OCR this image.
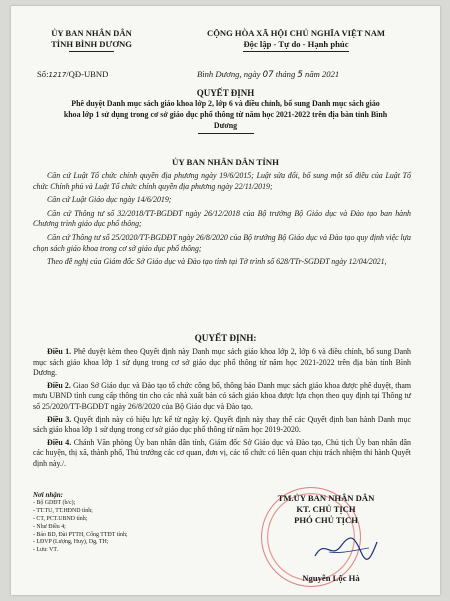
ỦY BAN NHÂN DÂN
TỈNH BÌNH DƯƠNG
Số:1217/QĐ-UBND
CỘNG HÒA XÃ HỘI CHỦ NGHĨA VIỆT NAM
Độc lập - Tự do - Hạnh phúc
Bình Dương, ngày 07 tháng 5 năm 2021
QUYẾT ĐỊNH
Phê duyệt Danh mục sách giáo khoa lớp 2, lớp 6 và điều chỉnh, bổ sung Danh mục sách giáo khoa lớp 1 sử dụng trong cơ sở giáo dục phổ thông từ năm học 2021-2022 trên địa bàn tỉnh Bình Dương
ỦY BAN NHÂN DÂN TỈNH

Căn cứ Luật Tổ chức chính quyền địa phương ngày 19/6/2015; Luật sửa đổi, bổ sung một số điều của Luật Tổ chức Chính phủ và Luật Tổ chức chính quyền địa phương ngày 22/11/2019;

Căn cứ Luật Giáo dục ngày 14/6/2019;

Căn cứ Thông tư số 32/2018/TT-BGDĐT ngày 26/12/2018 của Bộ trưởng Bộ Giáo dục và Đào tạo ban hành Chương trình giáo dục phổ thông;

Căn cứ Thông tư số 25/2020/TT-BGDĐT ngày 26/8/2020 của Bộ trưởng Bộ Giáo dục và Đào tạo quy định việc lựa chọn sách giáo khoa trong cơ sở giáo dục phổ thông;

Theo đề nghị của Giám đốc Sở Giáo dục và Đào tạo tỉnh tại Tờ trình số 628/TTr-SGDĐT ngày 12/04/2021,

QUYẾT ĐỊNH:

Điều 1. Phê duyệt kèm theo Quyết định này Danh mục sách giáo khoa lớp 2, lớp 6 và điều chỉnh, bổ sung Danh mục sách giáo khoa lớp 1 sử dụng trong cơ sở giáo dục phổ thông từ năm học 2021-2022 trên địa bàn tỉnh Bình Dương.

Điều 2. Giao Sở Giáo dục và Đào tạo tổ chức công bố, thông báo Danh mục sách giáo khoa được phê duyệt, tham mưu UBND tỉnh cung cấp thông tin cho các nhà xuất bản có sách giáo khoa được lựa chọn theo quy định tại Thông tư số 25/2020/TT-BGDĐT ngày 26/8/2020 của Bộ Giáo dục và Đào tạo.

Điều 3. Quyết định này có hiệu lực kể từ ngày ký. Quyết định này thay thế các Quyết định ban hành Danh mục sách giáo khoa lớp 1 sử dụng trong cơ sở giáo dục phổ thông từ năm học 2019-2020.

Điều 4. Chánh Văn phòng Ủy ban nhân dân tỉnh, Giám đốc Sở Giáo dục và Đào tạo, Chủ tịch Ủy ban nhân dân các huyện, thị xã, thành phố, Thủ trưởng các cơ quan, đơn vị, các tổ chức có liên quan chịu trách nhiệm thi hành Quyết định này./.

Nơi nhận:
- Bộ GDĐT (b/c);
- TT.TU, TT.HĐND tỉnh;
- CT, PCT.UBND tỉnh;
- Như Điều 4;
- Báo BD, Đài PTTH, Cổng TTĐT tỉnh;
- LĐVP (Lượng, Huy), Dg, TH;
- Lưu: VT.
TM.ỦY BAN NHÂN DÂN
KT. CHỦ TỊCH
PHÓ CHỦ TỊCH
Nguyễn Lộc Hà
